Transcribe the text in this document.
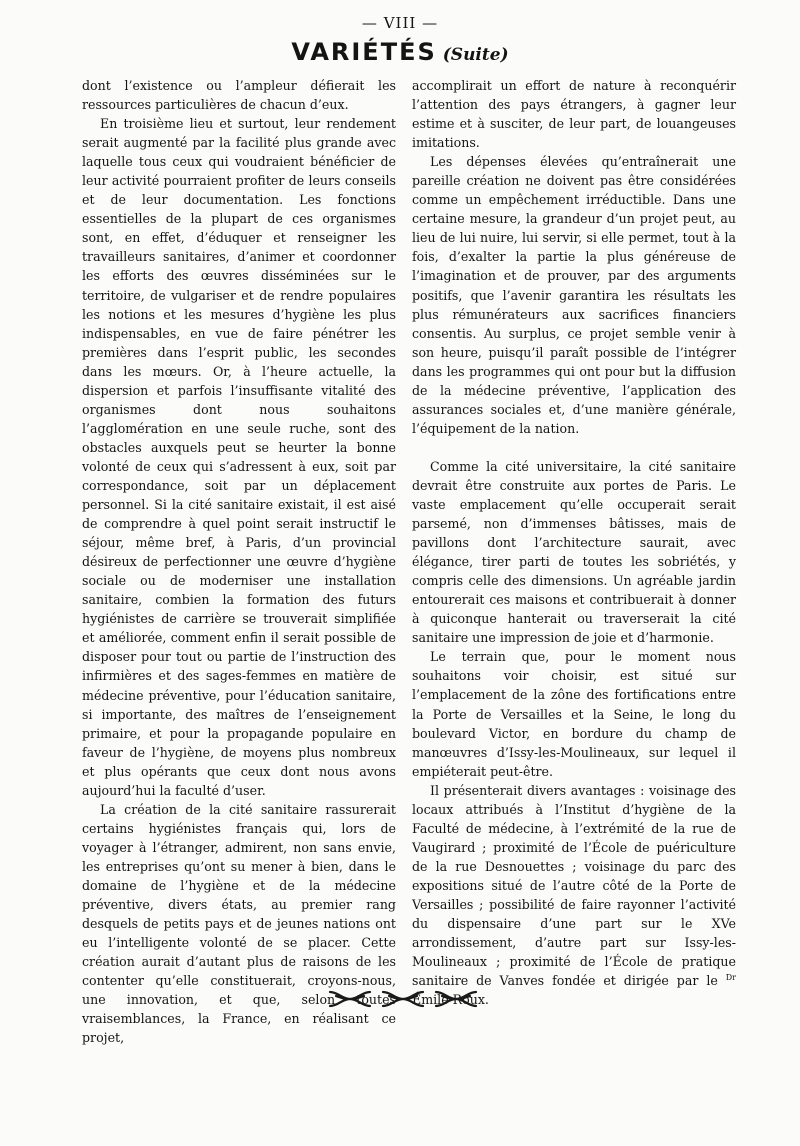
— VIII —
VARIÉTÉS (Suite)

dont l’existence ou l’ampleur défierait les ressources particulières de chacun d’eux.

En troisième lieu et surtout, leur rendement serait augmenté par la facilité plus grande avec laquelle tous ceux qui voudraient bénéficier de leur activité pourraient profiter de leurs conseils et de leur documentation. Les fonctions essentielles de la plupart de ces organismes sont, en effet, d’éduquer et renseigner les travailleurs sanitaires, d’animer et coordonner les efforts des œuvres disséminées sur le territoire, de vulgariser et de rendre populaires les notions et les mesures d’hygiène les plus indispensables, en vue de faire pénétrer les premières dans l’esprit public, les secondes dans les mœurs. Or, à l’heure actuelle, la dispersion et parfois l’insuffisante vitalité des organismes dont nous souhaitons l’agglomération en une seule ruche, sont des obstacles auxquels peut se heurter la bonne volonté de ceux qui s’adressent à eux, soit par correspondance, soit par un déplacement personnel. Si la cité sanitaire existait, il est aisé de comprendre à quel point serait instructif le séjour, même bref, à Paris, d’un provincial désireux de perfectionner une œuvre d’hygiène sociale ou de moderniser une installation sanitaire, combien la formation des futurs hygiénistes de carrière se trouverait simplifiée et améliorée, comment enfin il serait possible de disposer pour tout ou partie de l’instruction des infirmières et des sages-femmes en matière de médecine préventive, pour l’éducation sanitaire, si importante, des maîtres de l’enseignement primaire, et pour la propagande populaire en faveur de l’hygiène, de moyens plus nombreux et plus opérants que ceux dont nous avons aujourd’hui la faculté d’user.

La création de la cité sanitaire rassurerait certains hygiénistes français qui, lors de voyager à l’étranger, admirent, non sans envie, les entreprises qu’ont su mener à bien, dans le domaine de l’hygiène et de la médecine préventive, divers états, au premier rang desquels de petits pays et de jeunes nations ont eu l’intelligente volonté de se placer. Cette création aurait d’autant plus de raisons de les contenter qu’elle constituerait, croyons-nous, une innovation, et que, selon toutes vraisemblances, la France, en réalisant ce projet,

accomplirait un effort de nature à reconquérir l’attention des pays étrangers, à gagner leur estime et à susciter, de leur part, de louangeuses imitations.

Les dépenses élevées qu’entraînerait une pareille création ne doivent pas être considérées comme un empêchement irréductible. Dans une certaine mesure, la grandeur d’un projet peut, au lieu de lui nuire, lui servir, si elle permet, tout à la fois, d’exalter la partie la plus généreuse de l’imagination et de prouver, par des arguments positifs, que l’avenir garantira les résultats les plus rémunérateurs aux sacrifices financiers consentis. Au surplus, ce projet semble venir à son heure, puisqu’il paraît possible de l’intégrer dans les programmes qui ont pour but la diffusion de la médecine préventive, l’application des assurances sociales et, d’une manière générale, l’équipement de la nation.

Comme la cité universitaire, la cité sanitaire devrait être construite aux portes de Paris. Le vaste emplacement qu’elle occuperait serait parsemé, non d’immenses bâtisses, mais de pavillons dont l’architecture saurait, avec élégance, tirer parti de toutes les sobriétés, y compris celle des dimensions. Un agréable jardin entourerait ces maisons et contribuerait à donner à quiconque hanterait ou traverserait la cité sanitaire une impression de joie et d’harmonie.

Le terrain que, pour le moment nous souhaitons voir choisir, est situé sur l’emplacement de la zône des fortifications entre la Porte de Versailles et la Seine, le long du boulevard Victor, en bordure du champ de manœuvres d’Issy-les-Moulineaux, sur lequel il empiéterait peut-être.

Il présenterait divers avantages : voisinage des locaux attribués à l’Institut d’hygiène de la Faculté de médecine, à l’extrémité de la rue de Vaugirard ; proximité de l’École de puériculture de la rue Desnouettes ; voisinage du parc des expositions situé de l’autre côté de la Porte de Versailles ; possibilité de faire rayonner l’activité du dispensaire d’une part sur le XVe arrondissement, d’autre part sur Issy-les-Moulineaux ; proximité de l’École de pratique sanitaire de Vanves fondée et dirigée par le $^{Dr}$ Émile Roux.
